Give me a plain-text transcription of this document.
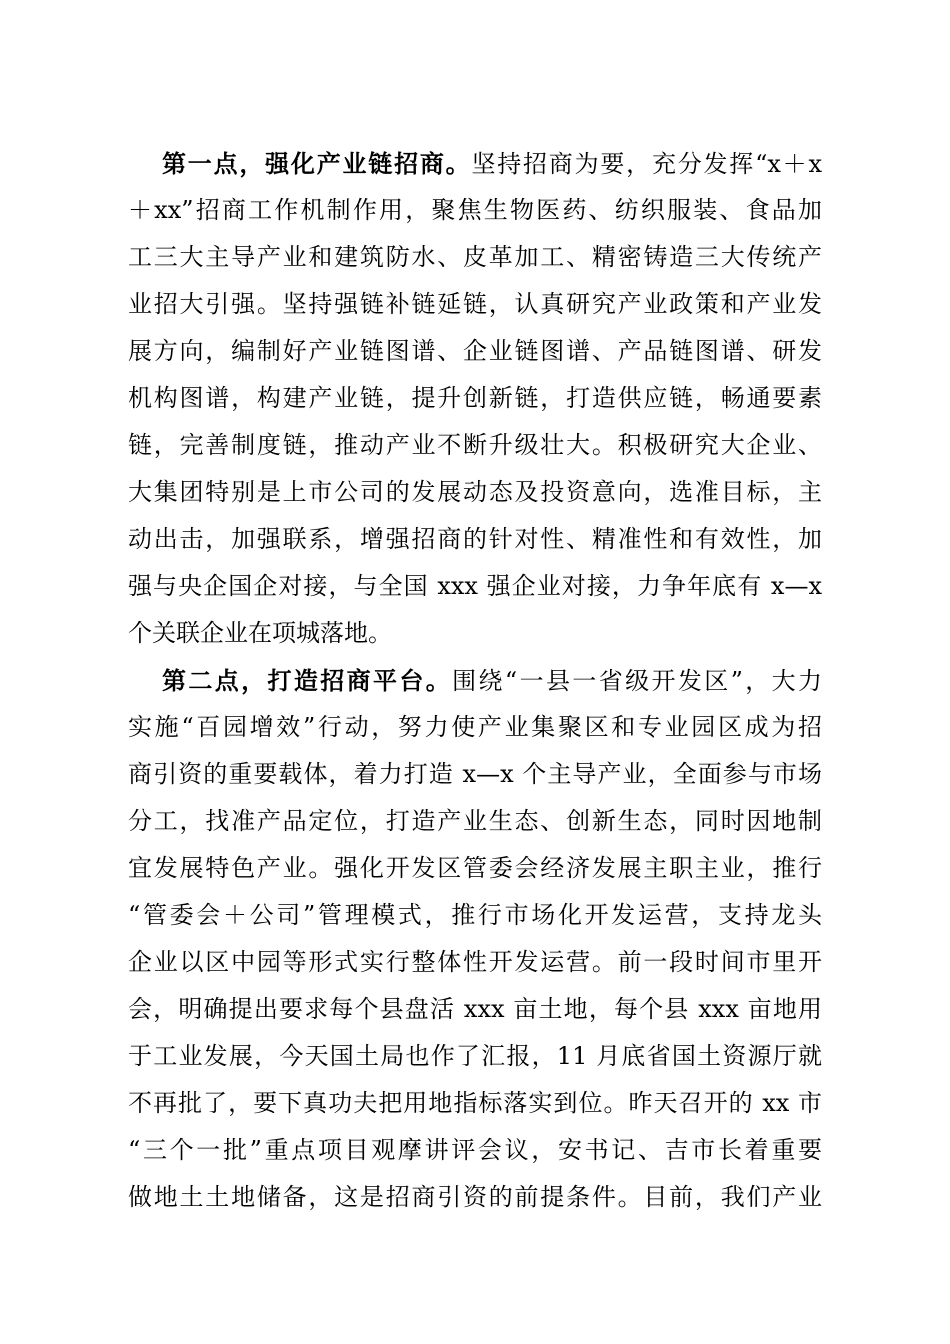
第一点，强化产业链招商。坚持招商为要，充分发挥“x＋x
＋xx”招商工作机制作用，聚焦生物医药、纺织服装、食品加
工三大主导产业和建筑防水、皮革加工、精密铸造三大传统产
业招大引强。坚持强链补链延链，认真研究产业政策和产业发
展方向，编制好产业链图谱、企业链图谱、产品链图谱、研发
机构图谱，构建产业链，提升创新链，打造供应链，畅通要素
链，完善制度链，推动产业不断升级壮大。积极研究大企业、
大集团特别是上市公司的发展动态及投资意向，选准目标，主
动出击，加强联系，增强招商的针对性、精准性和有效性，加
强与央企国企对接，与全国 xxx 强企业对接，力争年底有 x—x
个关联企业在项城落地。
第二点，打造招商平台。围绕“一县一省级开发区”，大力
实施“百园增效”行动，努力使产业集聚区和专业园区成为招
商引资的重要载体，着力打造 x—x 个主导产业，全面参与市场
分工，找准产品定位，打造产业生态、创新生态，同时因地制
宜发展特色产业。强化开发区管委会经济发展主职主业，推行
“管委会＋公司”管理模式，推行市场化开发运营，支持龙头
企业以区中园等形式实行整体性开发运营。前一段时间市里开
会，明确提出要求每个县盘活 xxx 亩土地，每个县 xxx 亩地用
于工业发展，今天国土局也作了汇报，11 月底省国土资源厅就
不再批了，要下真功夫把用地指标落实到位。昨天召开的 xx 市
“三个一批”重点项目观摩讲评会议，安书记、吉市长着重要
做地土土地储备，这是招商引资的前提条件。目前，我们产业
